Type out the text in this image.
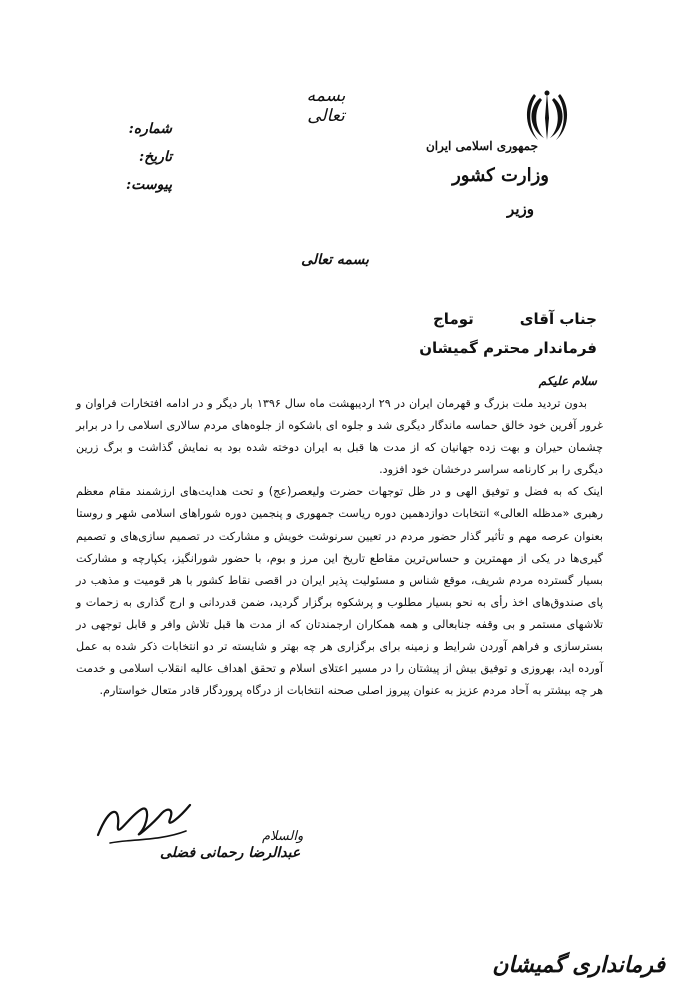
جمهوری اسلامی ایران
وزارت کشور
وزیر
بسمه تعالی
شماره:
تاریخ:
پیوست:
بسمه تعالی
جناب آقایتوماج
فرماندار محترم گمیشان
سلام علیکم

بدون تردید ملت بزرگ و قهرمان ایران در ۲۹ اردیبهشت ماه سال ۱۳۹۶ بار دیگر و در ادامه افتخارات فراوان و غرور آفرین خود خالق حماسه ماندگار دیگری شد و جلوه ای باشکوه از جلوه‌های مردم سالاری اسلامی را در برابر چشمان حیران و بهت زده جهانیان که از مدت ها قبل به ایران دوخته شده بود به نمایش گذاشت و برگ زرین دیگری را بر کارنامه سراسر درخشان خود افزود.

اینک که به فضل و توفیق الهی و در ظل توجهات حضرت ولیعصر(عج) و تحت هدایت‌های ارزشمند مقام معظم رهبری «مدظله العالی» انتخابات دوازدهمین دوره ریاست جمهوری و پنجمین دوره شوراهای اسلامی شهر و روستا بعنوان عرصه مهم و تأثیر گذار حضور مردم در تعیین سرنوشت خویش و مشارکت در تصمیم سازی‌های و تصمیم گیری‌ها در یکی از مهمترین و حساس‌ترین مقاطع تاریخ این مرز و بوم، با حضور شورانگیز، یکپارچه و مشارکت بسیار گسترده مردم شریف، موقع شناس و مسئولیت پذیر ایران در اقصی نقاط کشور با هر قومیت و مذهب در پای صندوق‌های اخذ رأی به نحو بسیار مطلوب و پرشکوه برگزار گردید، ضمن قدردانی و ارج گذاری به زحمات و تلاشهای مستمر و بی وقفه جنابعالی و همه همکاران ارجمندتان که از مدت ها قبل تلاش وافر و قابل توجهی در بسترسازی و فراهم آوردن شرایط و زمینه برای برگزاری هر چه بهتر و شایسته تر دو انتخابات ذکر شده به عمل آورده اید، بهروزی و توفیق بیش از پیشتان را در مسیر اعتلای اسلام و تحقق اهداف عالیه انقلاب اسلامی و خدمت هر چه بیشتر به آحاد مردم عزیز به عنوان پیروز اصلی صحنه انتخابات از درگاه پروردگار قادر متعال خواستارم.

والسلام
عبدالرضا رحمانی فضلی
فرمانداری گمیشان
